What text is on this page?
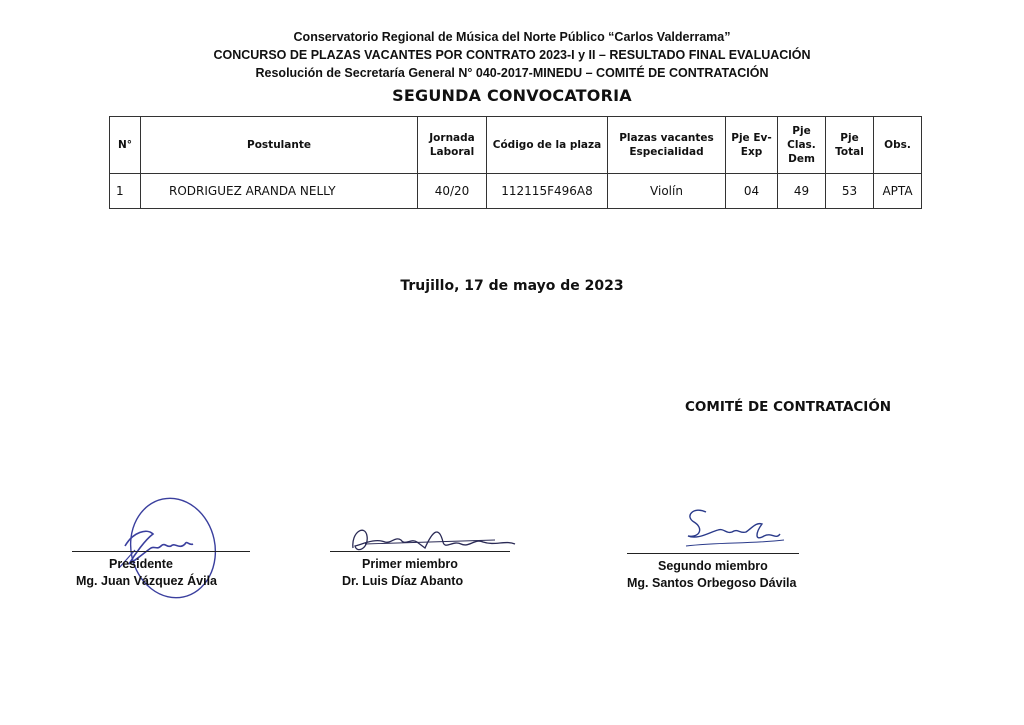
Conservatorio Regional de Música del Norte Público “Carlos Valderrama”
CONCURSO DE PLAZAS VACANTES POR CONTRATO 2023-I y II – RESULTADO FINAL EVALUACIÓN
Resolución de Secretaría General N° 040-2017-MINEDU – COMITÉ DE CONTRATACIÓN
SEGUNDA CONVOCATORIA
N°	Postulante	Jornada Laboral	Código de la plaza	Plazas vacantes Especialidad	Pje Ev-Exp	Pje Clas. Dem	Pje Total	Obs.
1	RODRIGUEZ ARANDA NELLY	40/20	112115F496A8	Violín	04	49	53	APTA
Trujillo, 17 de mayo de 2023
COMITÉ DE CONTRATACIÓN
Presidente
Mg. Juan Vázquez Ávila
Primer miembro
Dr. Luis Díaz Abanto
Segundo miembro
Mg. Santos Orbegoso Dávila
